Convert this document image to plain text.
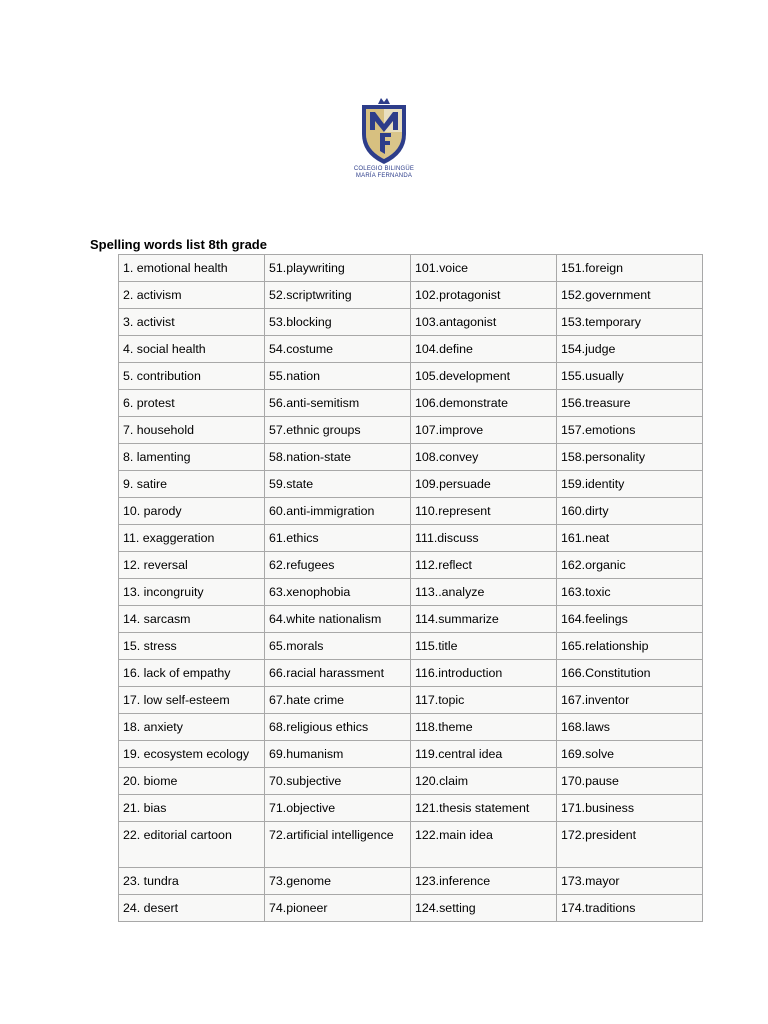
COLEGIO BILINGÜE
MARÍA FERNANDA
Spelling words list 8th grade
1. emotional health	51.playwriting	101.voice	151.foreign
2. activism	52.scriptwriting	102.protagonist	152.government
3. activist	53.blocking	103.antagonist	153.temporary
4. social health	54.costume	104.define	154.judge
5. contribution	55.nation	105.development	155.usually
6. protest	56.anti-semitism	106.demonstrate	156.treasure
7. household	57.ethnic groups	107.improve	157.emotions
8. lamenting	58.nation-state	108.convey	158.personality
9. satire	59.state	109.persuade	159.identity
10. parody	60.anti-immigration	110.represent	160.dirty
11. exaggeration	61.ethics	111.discuss	161.neat
12. reversal	62.refugees	112.reflect	162.organic
13. incongruity	63.xenophobia	113..analyze	163.toxic
14. sarcasm	64.white nationalism	114.summarize	164.feelings
15. stress	65.morals	115.title	165.relationship
16. lack of empathy	66.racial harassment	116.introduction	166.Constitution
17. low self-esteem	67.hate crime	117.topic	167.inventor
18. anxiety	68.religious ethics	118.theme	168.laws
19. ecosystem ecology	69.humanism	119.central idea	169.solve
20. biome	70.subjective	120.claim	170.pause
21. bias	71.objective	121.thesis statement	171.business
22. editorial cartoon	72.artificial intelligence	122.main idea	172.president
23. tundra	73.genome	123.inference	173.mayor
24. desert	74.pioneer	124.setting	174.traditions
